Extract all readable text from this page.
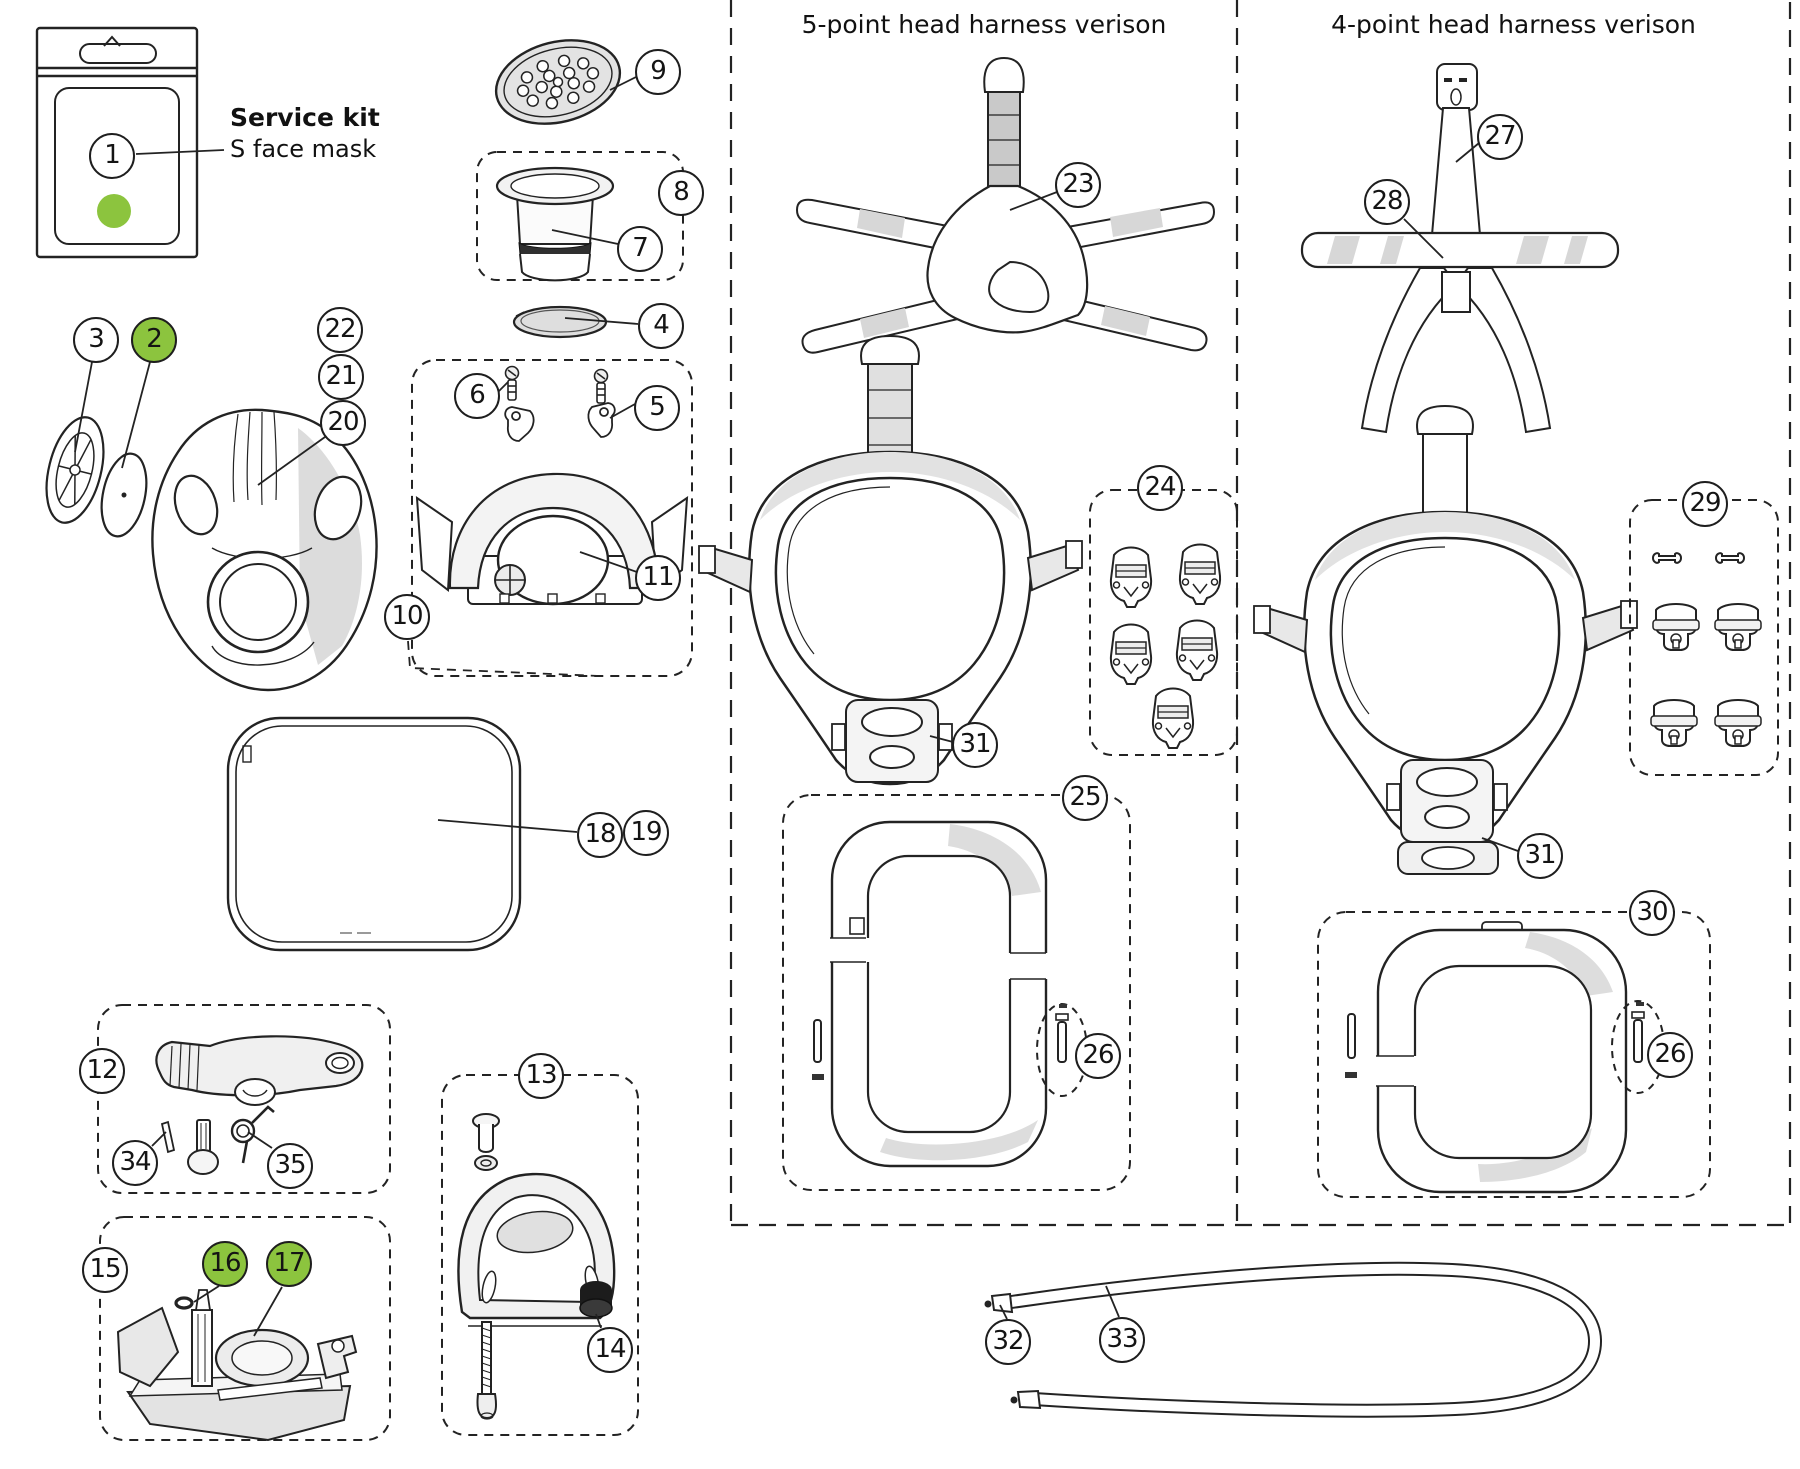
5-point head harness verison	4-point head harness verison
Service kit
S face mask
1
9
8
7
4
3	2	22
21
20
6	5
10
11
18 19
12
34	35
15	16 17
13
14
23
24
31
25
26
27
28
29
31
30
26
32	33
